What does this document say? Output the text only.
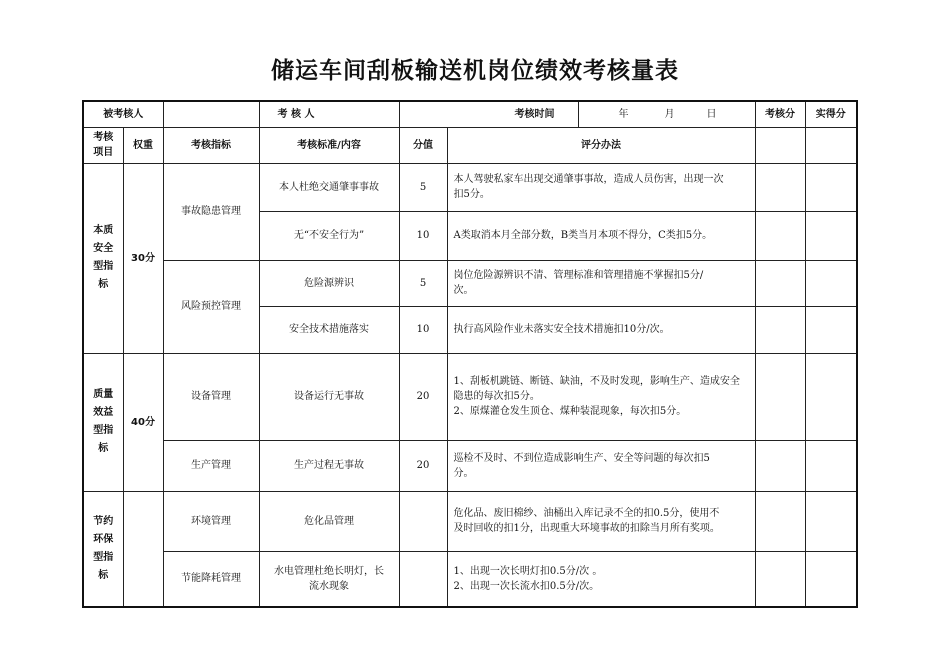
储运车间刮板输送机岗位绩效考核量表
被考核人			考 核 人			考核时间 年 月 日	考核分	实得分

考核
项目	权重	考核指标	考核标准/内容	分值	评分办法			

本质
安全
型指
标	30分	事故隐患管理	本人杜绝交通肇事事故	5	本人驾驶私家车出现交通肇事事故，造成人员伤害，出现一次
扣5分。			

			无“不安全行为”	10	A类取消本月全部分数，B类当月本项不得分，C类扣5分。			
		风险预控管理	危险源辨识	5	岗位危险源辨识不清、管理标准和管理措施不掌握扣5分/
次。			

			安全技术措施落实	10	执行高风险作业未落实安全技术措施扣10分/次。			

质量
效益
型指
标	40分	设备管理	设备运行无事故	20	1、刮板机跳链、断链、缺油，不及时发现，影响生产、造成安全
隐患的每次扣5分。
2、原煤灌仓发生顶仓、煤种装混现象，每次扣5分。			

		生产管理	生产过程无事故	20	巡检不及时、不到位造成影响生产、安全等问题的每次扣5
分。			

节约
环保
型指
标		环境管理	危化品管理		危化品、废旧棉纱、油桶出入库记录不全的扣0.5分，使用不
及时回收的扣1分，出现重大环境事故的扣除当月所有奖项。			

		节能降耗管理	水电管理杜绝长明灯，长
流水现象		1、出现一次长明灯扣0.5分/次 。
2、出现一次长流水扣0.5分/次。			
